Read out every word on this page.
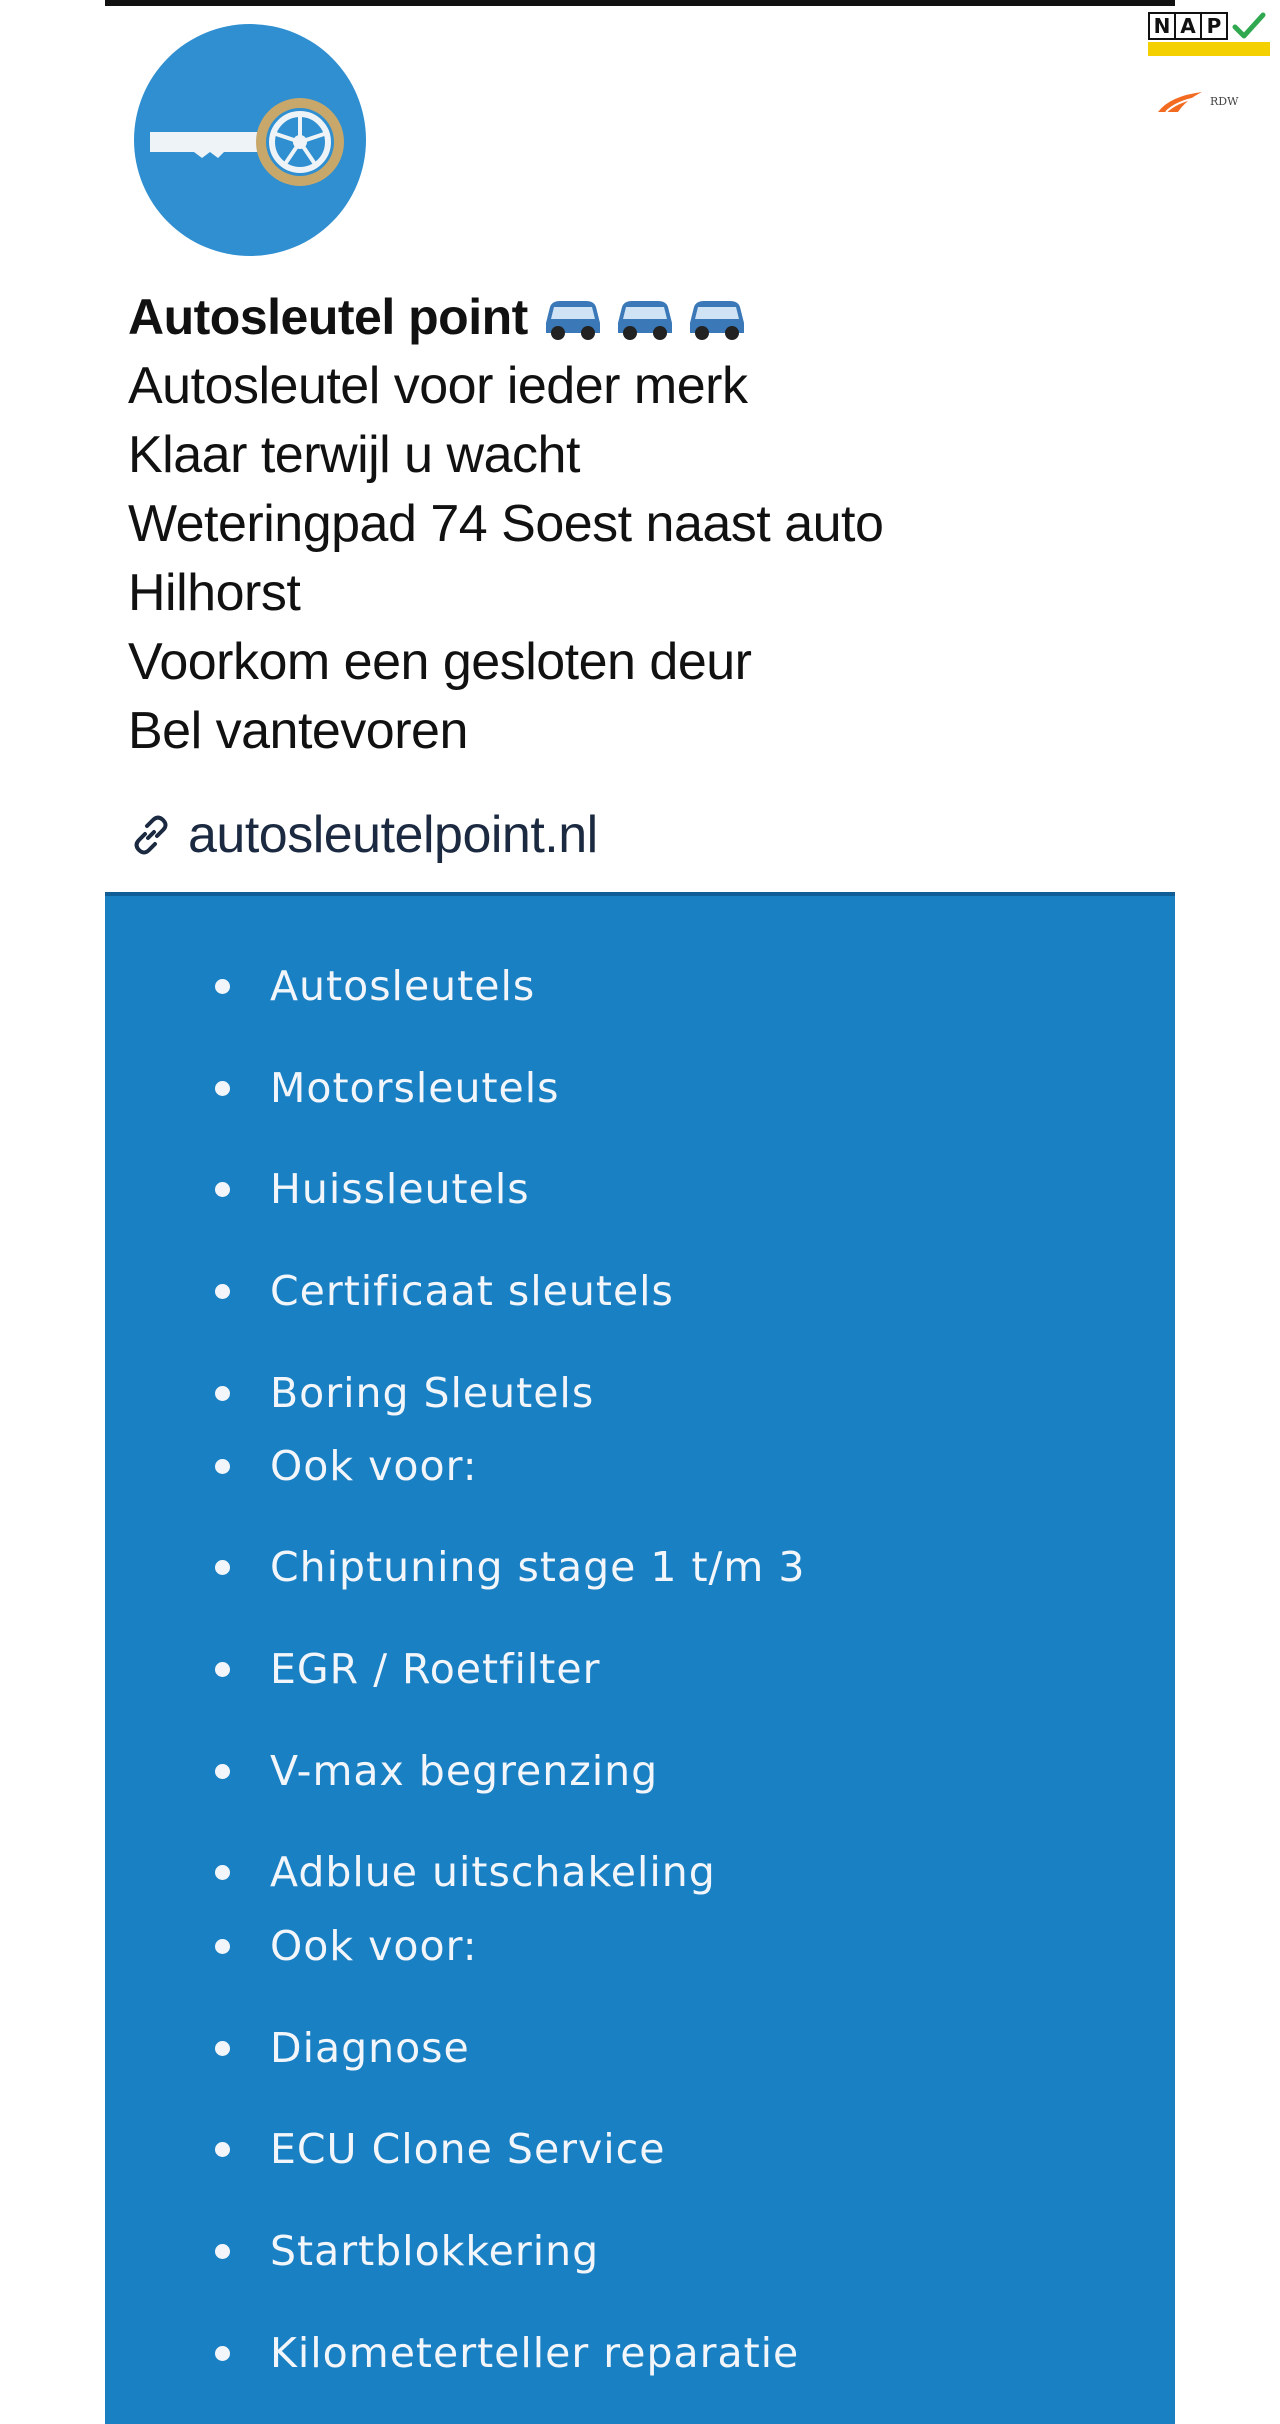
N A P
RDW
Autosleutel point
Autosleutel voor ieder merk
Klaar terwijl u wacht
Weteringpad 74 Soest naast auto
Hilhorst
Voorkom een gesloten deur
Bel vantevoren
autosleutelpoint.nl
Autosleutels
Motorsleutels
Huissleutels
Certificaat sleutels
Boring Sleutels
Ook voor:
Chiptuning stage 1 t/m 3
EGR / Roetfilter
V-max begrenzing
Adblue uitschakeling
Ook voor:
Diagnose
ECU Clone Service
Startblokkering
Kilometerteller reparatie
